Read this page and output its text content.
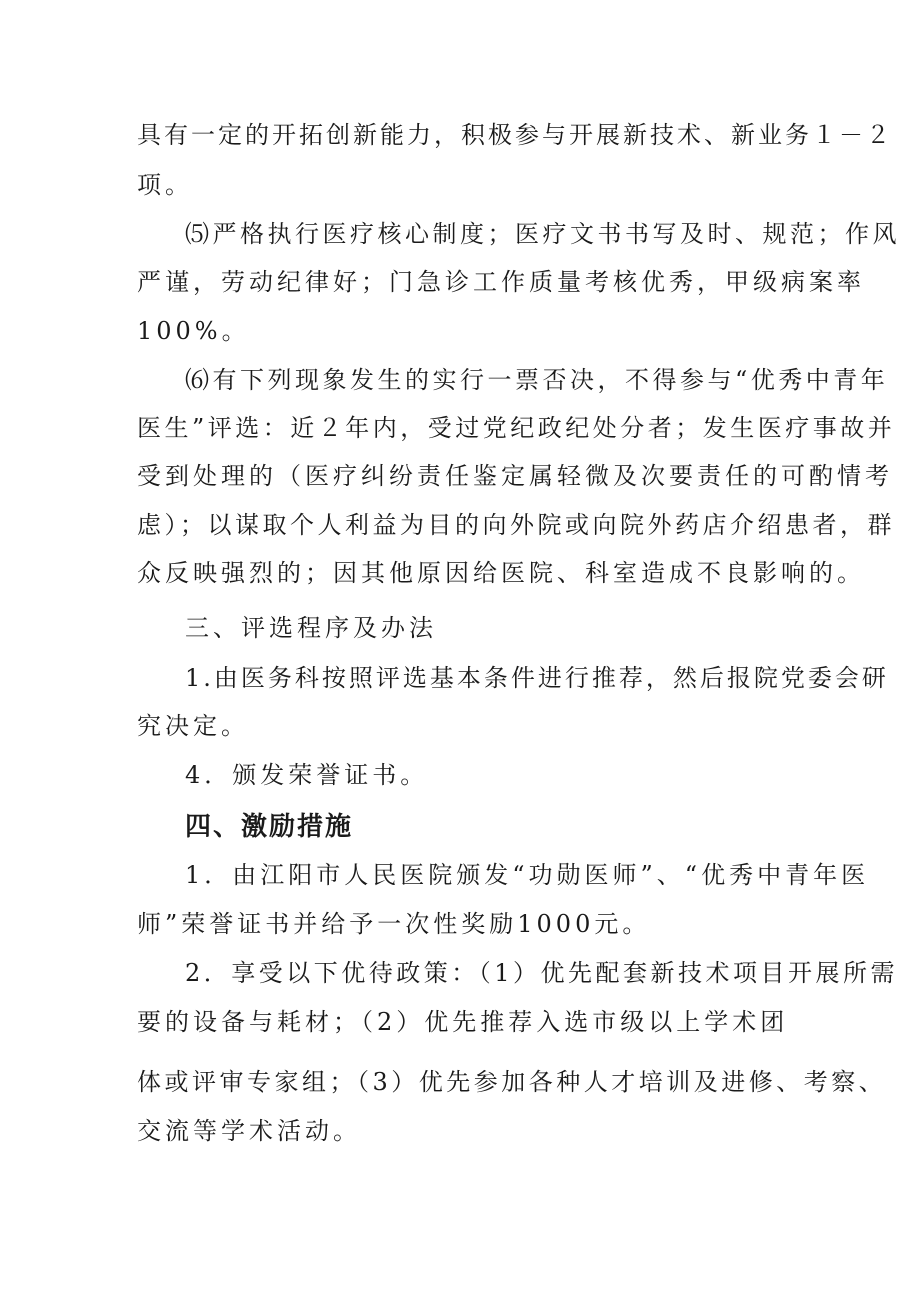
具有一定的开拓创新能力，积极参与开展新技术、新业务１－２
项。
⑸严格执行医疗核心制度；医疗文书书写及时、规范；作风
严谨，劳动纪律好；门急诊工作质量考核优秀，甲级病案率
100%。
⑹有下列现象发生的实行一票否决，不得参与“优秀中青年
医生”评选：近２年内，受过党纪政纪处分者；发生医疗事故并
受到处理的（医疗纠纷责任鉴定属轻微及次要责任的可酌情考
虑）；以谋取个人利益为目的向外院或向院外药店介绍患者，群
众反映强烈的；因其他原因给医院、科室造成不良影响的。
三、评选程序及办法
1.由医务科按照评选基本条件进行推荐，然后报院党委会研
究决定。
4．颁发荣誉证书。
四、激励措施
1．由江阳市人民医院颁发“功勋医师”、“优秀中青年医
师”荣誉证书并给予一次性奖励1000元。
2．享受以下优待政策：（1）优先配套新技术项目开展所需
要的设备与耗材；（2）优先推荐入选市级以上学术团
体或评审专家组；（3）优先参加各种人才培训及进修、考察、
交流等学术活动。
